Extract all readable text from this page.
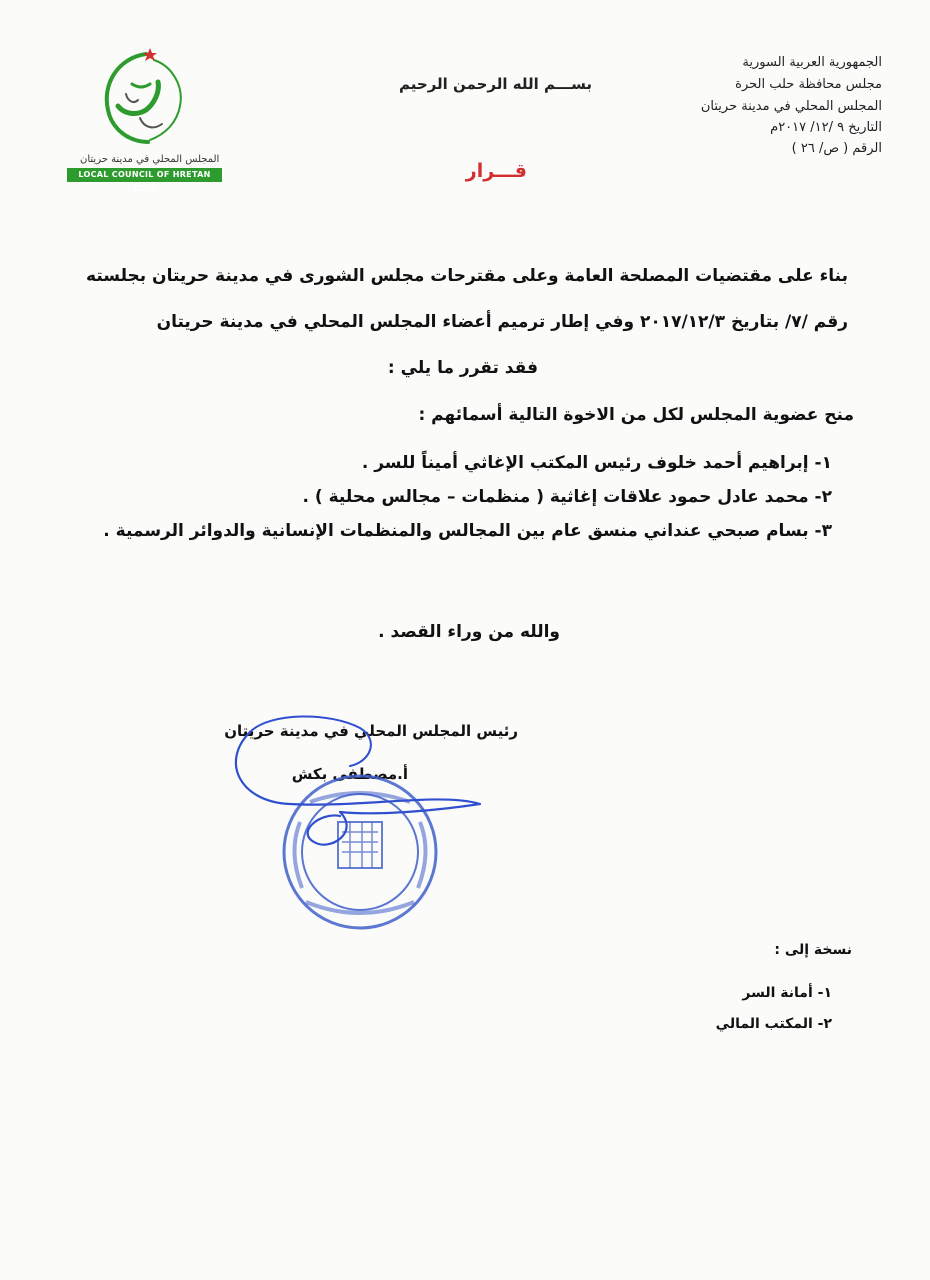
الجمهورية العربية السورية
مجلس محافظة حلب الحرة
المجلس المحلي في مدينة حريتان
التاريخ ٩ /١٢/ ٢٠١٧م
الرقم ( ص/ ٢٦ )
بســـم الله الرحمن الرحيم
قـــرار
المجلس المحلي في مدينة حريتان
LOCAL COUNCIL OF HRETAN CITY
بناء على مقتضيات المصلحة العامة وعلى مقترحات مجلس الشورى في مدينة حريتان بجلسته
رقم /٧/ بتاريخ ٢٠١٧/١٢/٣ وفي إطار ترميم أعضاء المجلس المحلي في مدينة حريتان
فقد تقرر ما يلي :
منح عضوية المجلس لكل من الاخوة التالية أسمائهم :
١- إبراهيم أحمد خلوف رئيس المكتب الإغاثي أميناً للسر .
٢- محمد عادل حمود علاقات إغاثية ( منظمات – مجالس محلية ) .
٣- بسام صبحي عنداني منسق عام بين المجالس والمنظمات الإنسانية والدوائر الرسمية .
والله من وراء القصد .
رئيس المجلس المحلي في مدينة حريتان
أ.مصطفى بكش
نسخة إلى :
١- أمانة السر
٢- المكتب المالي
